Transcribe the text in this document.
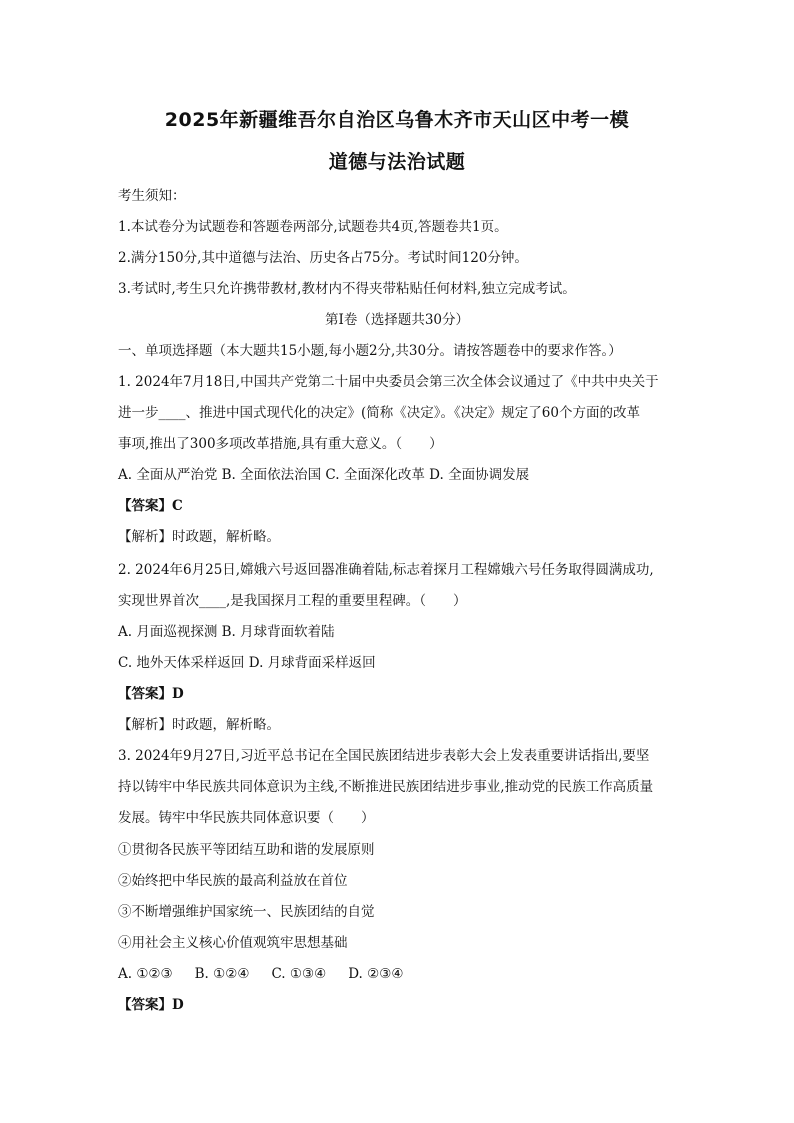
2025年新疆维吾尔自治区乌鲁木齐市天山区中考一模
道德与法治试题
考生须知：
1.本试卷分为试题卷和答题卷两部分,试题卷共4页,答题卷共1页。
2.满分150分,其中道德与法治、历史各占75分。考试时间120分钟。
3.考试时,考生只允许携带教材,教材内不得夹带粘贴任何材料,独立完成考试。
第Ⅰ卷（选择题共30分）
一、单项选择题（本大题共15小题,每小题2分,共30分。请按答题卷中的要求作答。）
1. 2024年7月18日,中国共产党第二十届中央委员会第三次全体会议通过了《中共中央关于
进一步____、推进中国式现代化的决定》(简称《决定》。《决定》规定了60个方面的改革
事项,推出了300多项改革措施,具有重大意义。（　　）
A. 全面从严治党 B. 全面依法治国 C. 全面深化改革 D. 全面协调发展
【答案】C
【解析】时政题，解析略。
2. 2024年6月25日,嫦娥六号返回器准确着陆,标志着探月工程嫦娥六号任务取得圆满成功,
实现世界首次____,是我国探月工程的重要里程碑。（　　）
A. 月面巡视探测 B. 月球背面软着陆
C. 地外天体采样返回 D. 月球背面采样返回
【答案】D
【解析】时政题，解析略。
3. 2024年9月27日,习近平总书记在全国民族团结进步表彰大会上发表重要讲话指出,要坚
持以铸牢中华民族共同体意识为主线,不断推进民族团结进步事业,推动党的民族工作高质量
发展。铸牢中华民族共同体意识要（　　）
①贯彻各民族平等团结互助和谐的发展原则
②始终把中华民族的最高利益放在首位
③不断增强维护国家统一、民族团结的自觉
④用社会主义核心价值观筑牢思想基础
A. ①②③ B. ①②④ C. ①③④ D. ②③④
【答案】D
